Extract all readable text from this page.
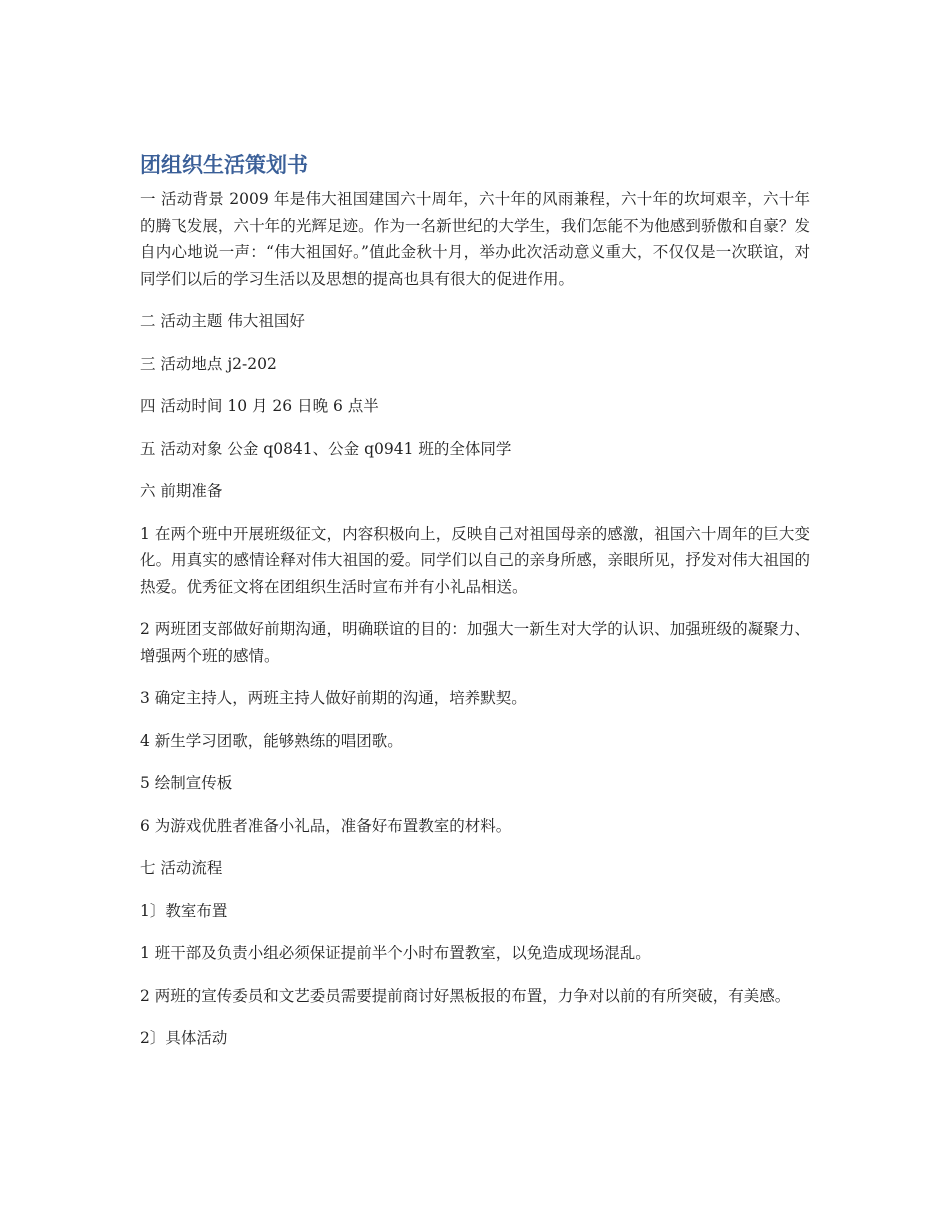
团组织生活策划书
一 活动背景 2009 年是伟大祖国建国六十周年，六十年的风雨兼程，六十年的坎坷艰辛，六十年的腾飞发展，六十年的光辉足迹。作为一名新世纪的大学生，我们怎能不为他感到骄傲和自豪？发自内心地说一声：“伟大祖国好。”值此金秋十月，举办此次活动意义重大，不仅仅是一次联谊，对同学们以后的学习生活以及思想的提高也具有很大的促进作用。
二 活动主题 伟大祖国好
三 活动地点 j2-202
四 活动时间 10 月 26 日晚 6 点半
五 活动对象 公金 q0841、公金 q0941 班的全体同学
六 前期准备
1 在两个班中开展班级征文，内容积极向上，反映自己对祖国母亲的感激，祖国六十周年的巨大变化。用真实的感情诠释对伟大祖国的爱。同学们以自己的亲身所感，亲眼所见，抒发对伟大祖国的热爱。优秀征文将在团组织生活时宣布并有小礼品相送。
2 两班团支部做好前期沟通，明确联谊的目的：加强大一新生对大学的认识、加强班级的凝聚力、增强两个班的感情。
3 确定主持人，两班主持人做好前期的沟通，培养默契。
4 新生学习团歌，能够熟练的唱团歌。
5 绘制宣传板
6 为游戏优胜者准备小礼品，准备好布置教室的材料。
七 活动流程
1〕教室布置
1 班干部及负责小组必须保证提前半个小时布置教室，以免造成现场混乱。
2 两班的宣传委员和文艺委员需要提前商讨好黑板报的布置，力争对以前的有所突破，有美感。
2〕具体活动
